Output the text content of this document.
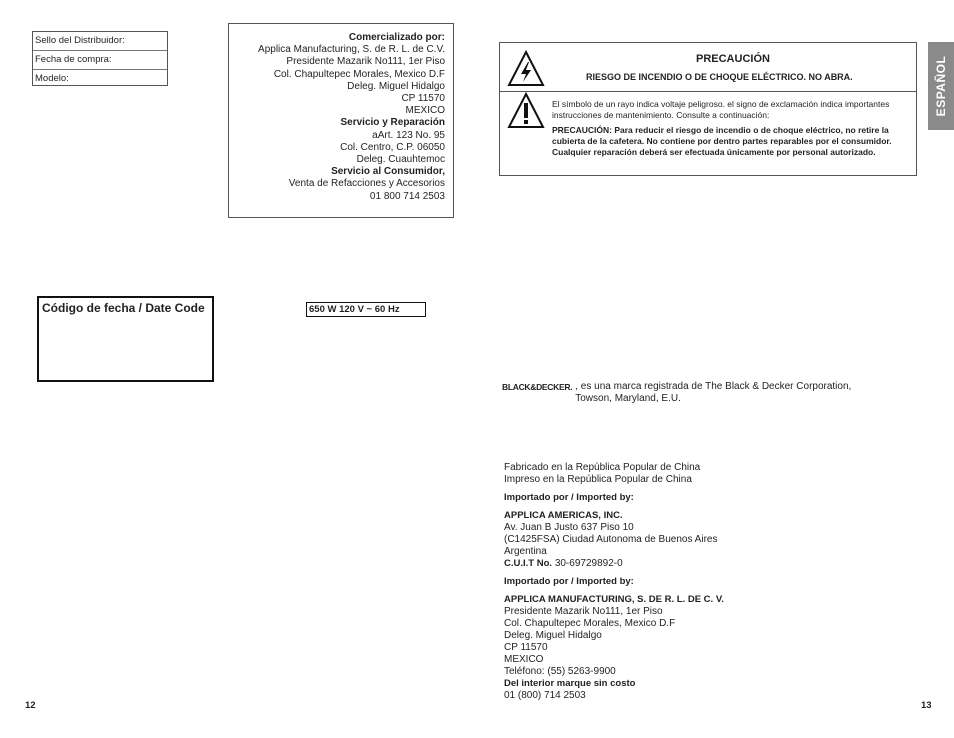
Sello del Distribuidor:
Fecha de compra:
Modelo:
Comercializado por:
Applica Manufacturing, S. de R. L. de C.V.
Presidente Mazarik No111, 1er Piso
Col. Chapultepec Morales, Mexico D.F
Deleg. Miguel Hidalgo
CP 11570
MEXICO
Servicio y Reparación
aArt. 123 No. 95
Col. Centro, C.P. 06050
Deleg. Cuauhtemoc
Servicio al Consumidor,
Venta de Refacciones y Accesorios
01 800 714 2503
Código de fecha / Date Code	650 W 120 V ~ 60 Hz
12
PRECAUCIÓN
RIESGO DE INCENDIO O DE CHOQUE ELÉCTRICO. NO ABRA.
El símbolo de un rayo indica voltaje peligroso. el signo de exclamación indica importantes instrucciones de mantenimiento. Consulte a continuación:
PRECAUCIÓN: Para reducir el riesgo de incendio o de choque eléctrico, no retire la cubierta de la cafetera. No contiene por dentro partes reparables por el consumidor. Cualquier reparación deberá ser efectuada únicamente por personal autorizado.
ESPAÑOL
BLACK&DECKER. , es una marca registrada de The Black & Decker Corporation,
Towson, Maryland, E.U.
Fabricado en la República Popular de China
Impreso en la República Popular de China
Importado por / Imported by:
APPLICA AMERICAS, INC.
Av. Juan B Justo 637 Piso 10
(C1425FSA) Ciudad Autonoma de Buenos Aires
Argentina
C.U.I.T No. 30-69729892-0
Importado por / Imported by:
APPLICA MANUFACTURING, S. DE R. L. DE C. V.
Presidente Mazarik No111, 1er Piso
Col. Chapultepec Morales, Mexico D.F
Deleg. Miguel Hidalgo
CP 11570
MEXICO
Teléfono: (55) 5263-9900
Del interior marque sin costo
01 (800) 714 2503
13
